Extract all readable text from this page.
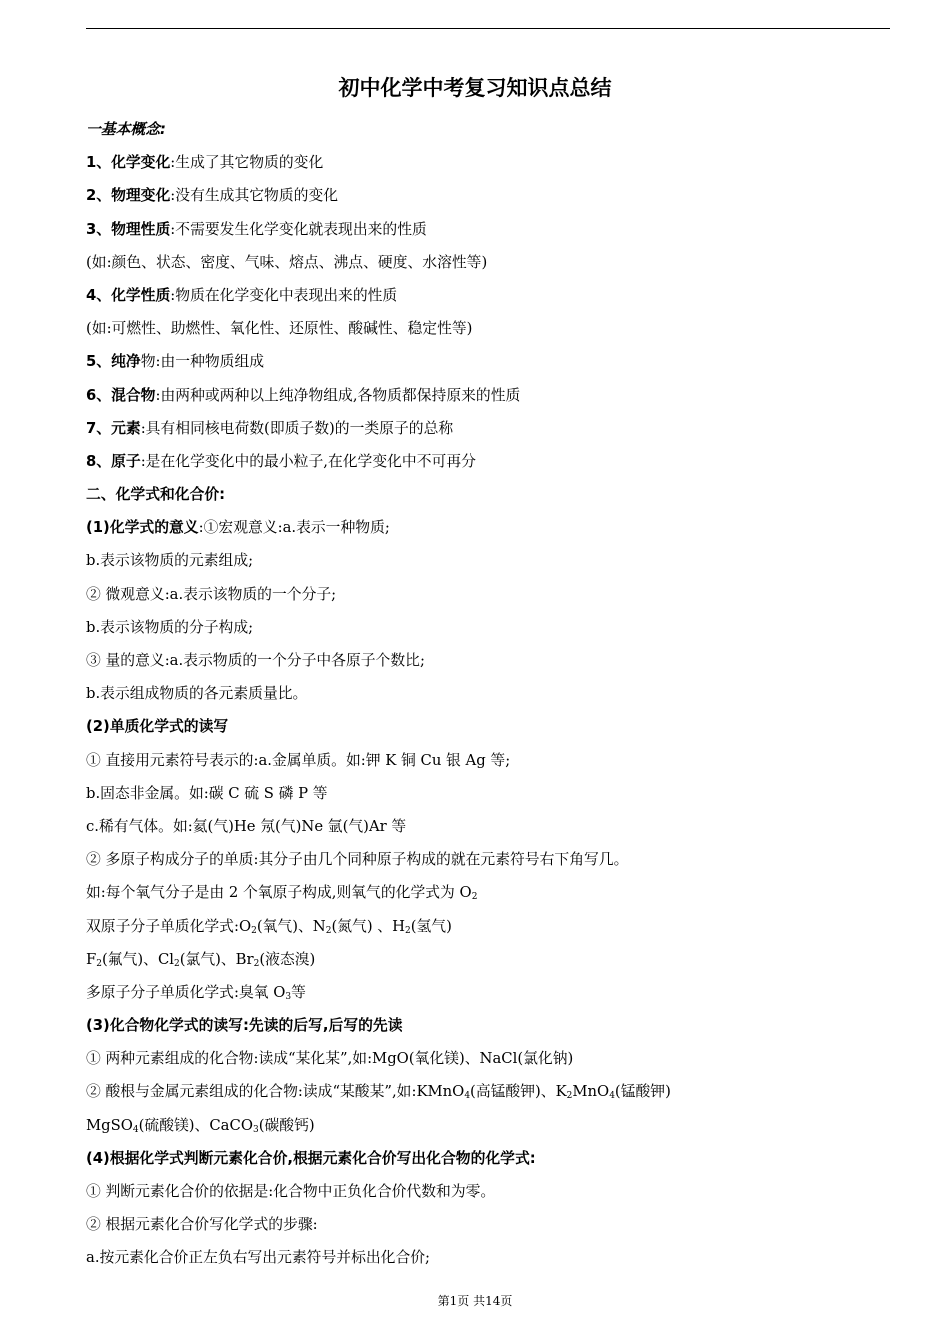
初中化学中考复习知识点总结
一基本概念:
1、化学变化:生成了其它物质的变化
2、物理变化:没有生成其它物质的变化
3、物理性质:不需要发生化学变化就表现出来的性质
(如:颜色、状态、密度、气味、熔点、沸点、硬度、水溶性等)
4、化学性质:物质在化学变化中表现出来的性质
(如:可燃性、助燃性、氧化性、还原性、酸碱性、稳定性等)
5、纯净物:由一种物质组成
6、混合物:由两种或两种以上纯净物组成,各物质都保持原来的性质
7、元素:具有相同核电荷数(即质子数)的一类原子的总称
8、原子:是在化学变化中的最小粒子,在化学变化中不可再分
二、化学式和化合价:
(1)化学式的意义:①宏观意义:a.表示一种物质;
b.表示该物质的元素组成;
② 微观意义:a.表示该物质的一个分子;
b.表示该物质的分子构成;
③ 量的意义:a.表示物质的一个分子中各原子个数比;
b.表示组成物质的各元素质量比。
(2)单质化学式的读写
① 直接用元素符号表示的:a.金属单质。如:钾 K 铜 Cu 银 Ag 等;
b.固态非金属。如:碳 C 硫 S 磷 P 等
c.稀有气体。如:氦(气)He 氖(气)Ne 氩(气)Ar 等
② 多原子构成分子的单质:其分子由几个同种原子构成的就在元素符号右下角写几。
如:每个氧气分子是由 2 个氧原子构成,则氧气的化学式为 $O_2$
双原子分子单质化学式$:O_2$(氧气)、$N_2$(氮气) 、$H_2$(氢气)
$F_2$(氟气)、$Cl_2$(氯气)、$Br_2$(液态溴)
多原子分子单质化学式:臭氧 $O_3$等
(3)化合物化学式的读写:先读的后写,后写的先读
① 两种元素组成的化合物:读成“某化某”,如:MgO(氧化镁)、NaCl(氯化钠)
② 酸根与金属元素组成的化合物:读成“某酸某”,如:KMnO$_4$(高锰酸钾)、$K_2MnO_4$(锰酸钾)
MgSO$_4$(硫酸镁)、CaCO$_3$(碳酸钙)
(4)根据化学式判断元素化合价,根据元素化合价写出化合物的化学式:
① 判断元素化合价的依据是:化合物中正负化合价代数和为零。
② 根据元素化合价写化学式的步骤:
a.按元素化合价正左负右写出元素符号并标出化合价;
第1页 共14页
